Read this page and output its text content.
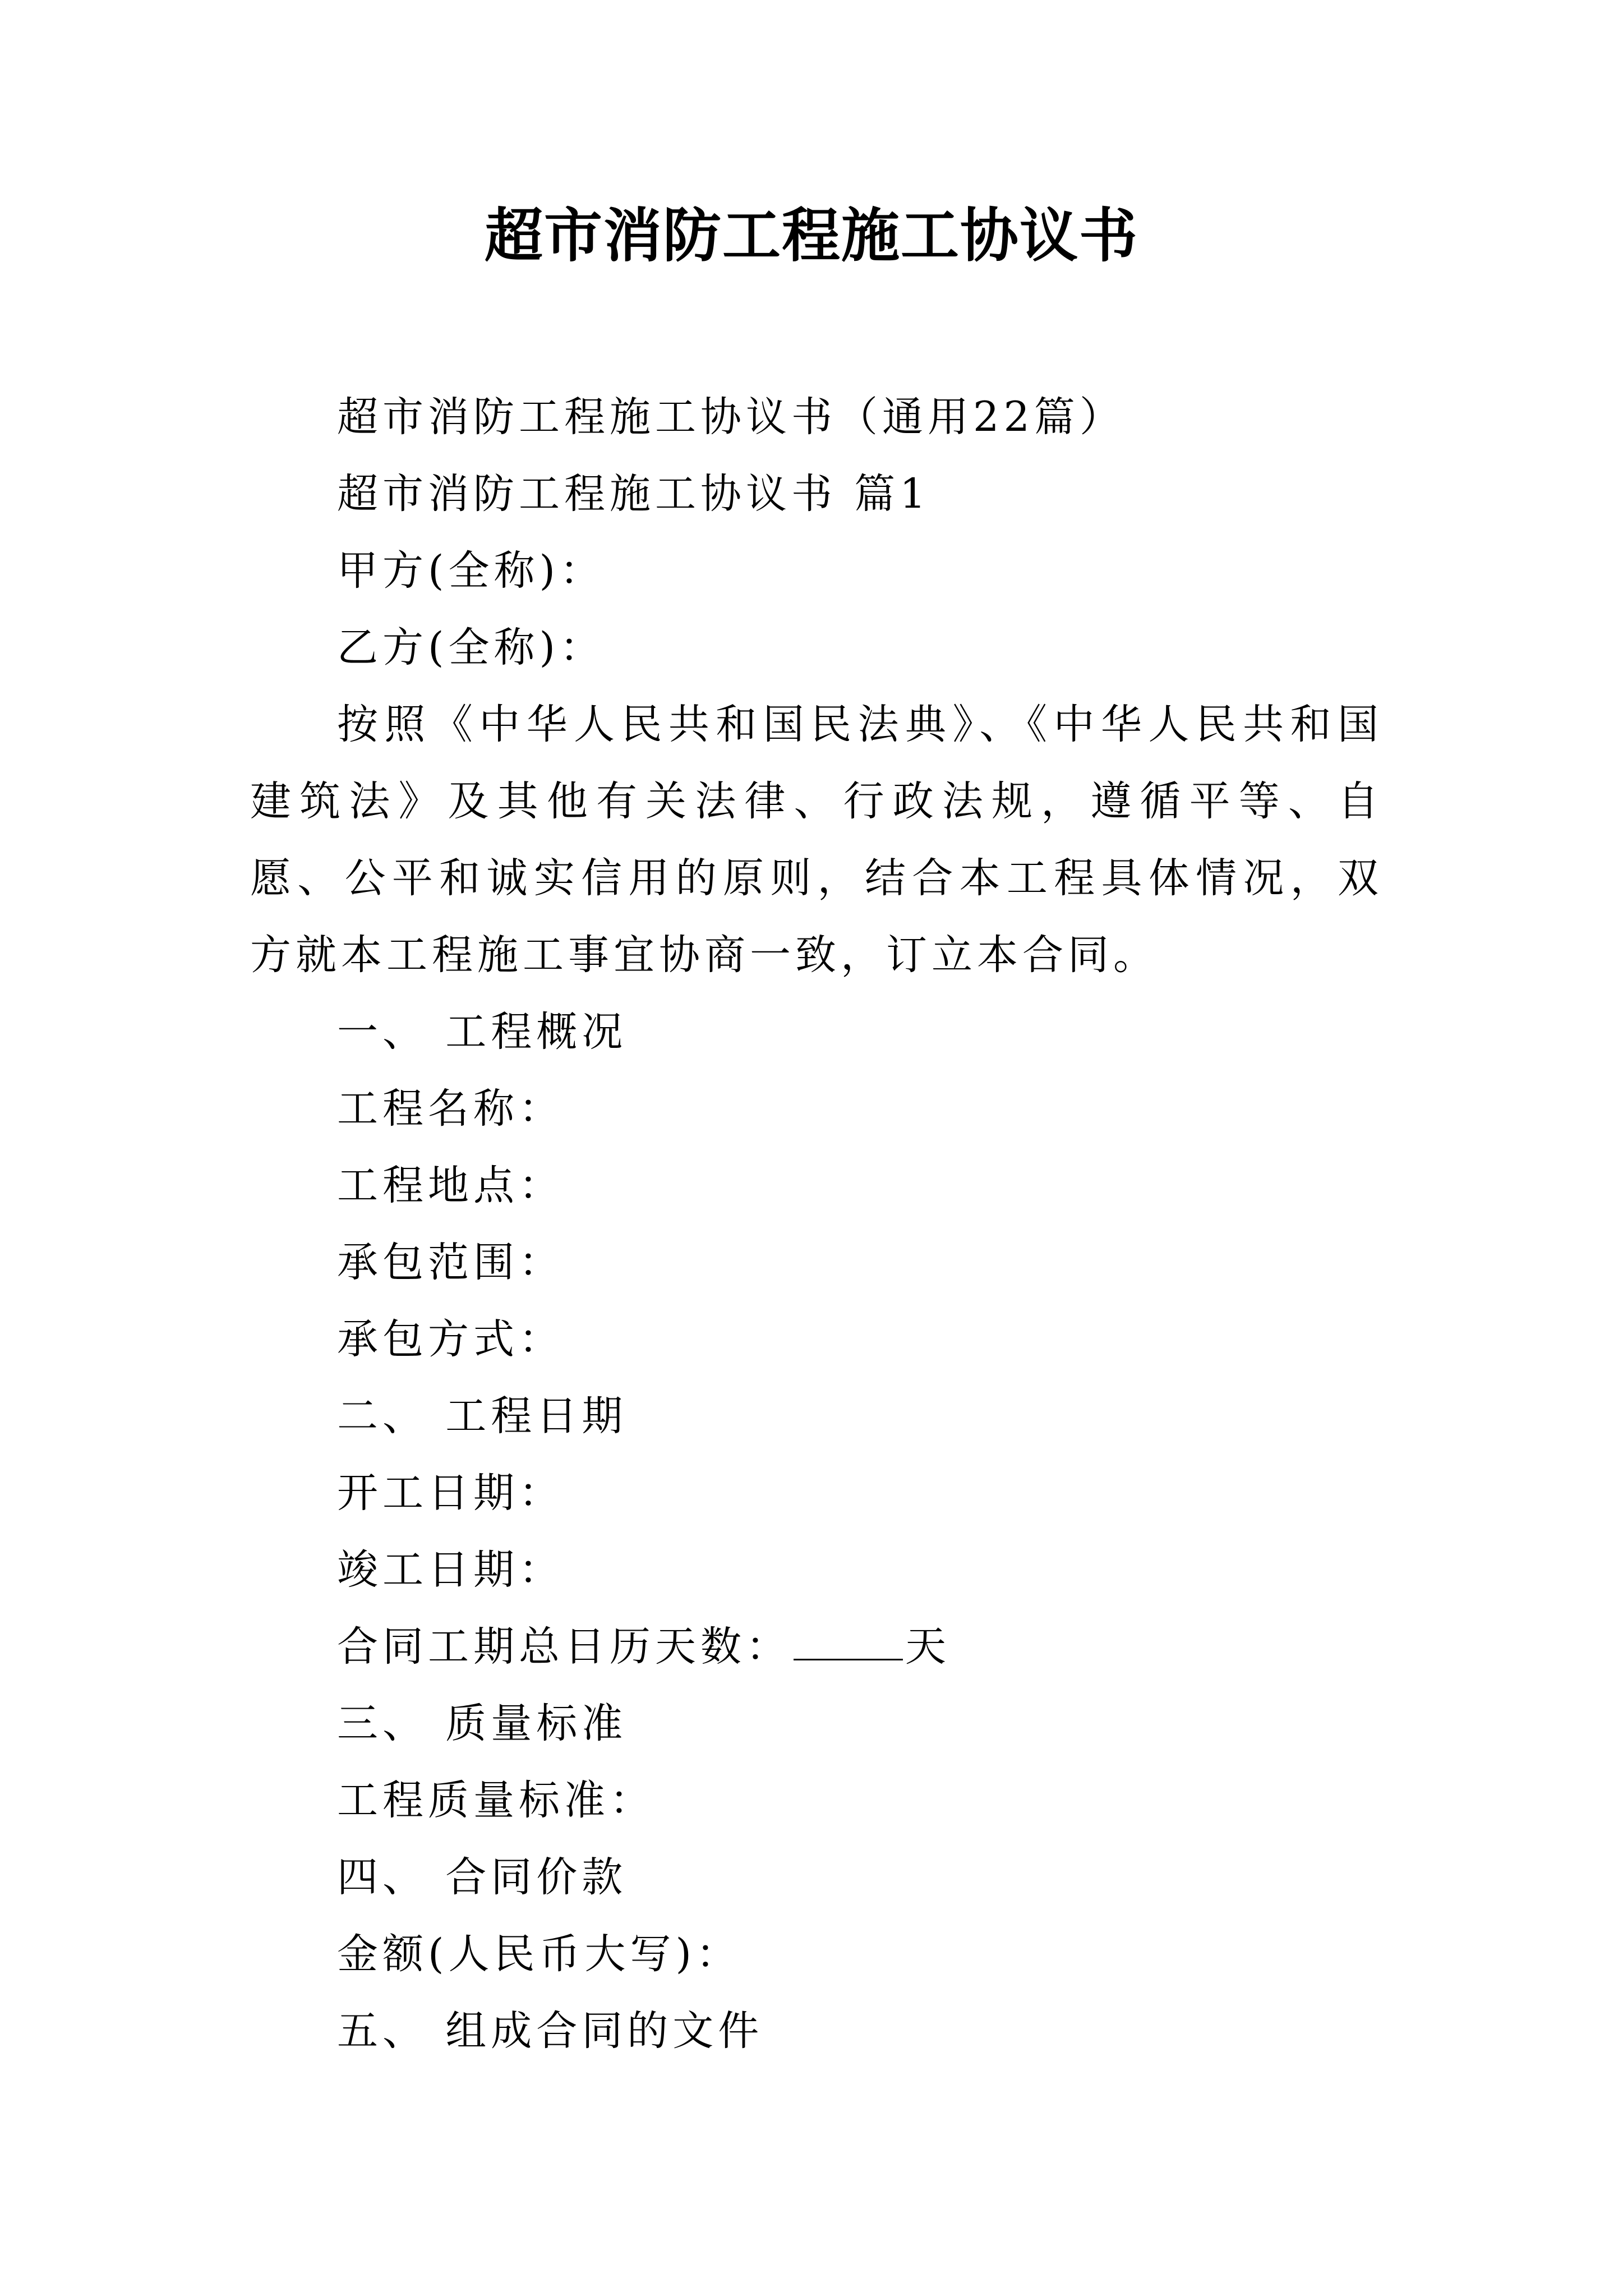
超市消防工程施工协议书

超市消防工程施工协议书（通用22篇）

超市消防工程施工协议书 篇1

甲方(全称)：

乙方(全称)：

按照《中华人民共和国民法典》、《中华人民共和国建筑法》及其他有关法律、行政法规，遵循平等、自愿、公平和诚实信用的原则，结合本工程具体情况，双方就本工程施工事宜协商一致，订立本合同。

一、 工程概况

工程名称：

工程地点：

承包范围：

承包方式：

二、 工程日期

开工日期：

竣工日期：

合同工期总日历天数：	天

三、 质量标准

工程质量标准：

四、 合同价款

金额(人民币大写)：

五、 组成合同的文件
